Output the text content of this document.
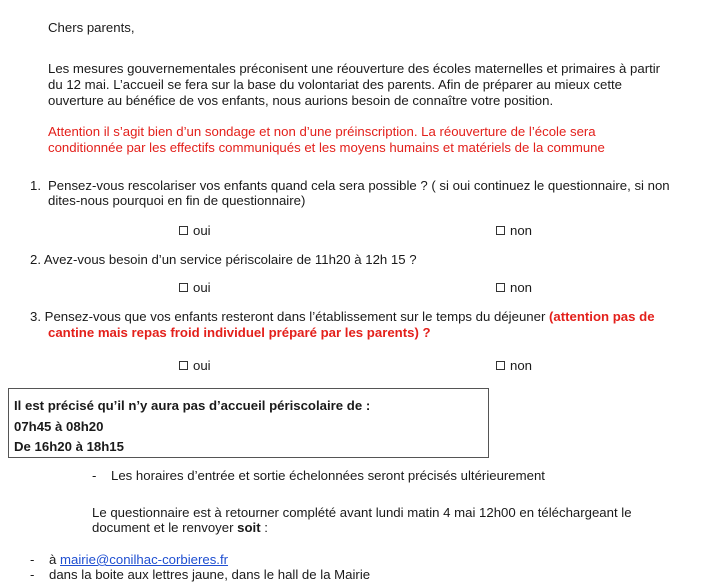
Chers parents,
Les mesures gouvernementales préconisent une réouverture des écoles maternelles et primaires à partir
du 12 mai. L’accueil se fera sur la base du volontariat des parents. Afin de préparer au mieux cette
ouverture au bénéfice de vos enfants, nous aurions besoin de connaître votre position.
Attention il s’agit bien d’un sondage et non d’une préinscription. La réouverture de l’école sera
conditionnée par les effectifs communiqués et les moyens humains et matériels de la commune
1. Pensez-vous rescolariser vos enfants quand cela sera possible ? ( si oui continuez le questionnaire, si non
dites-nous pourquoi en fin de questionnaire)
oui	non
2. Avez-vous besoin d’un service périscolaire de 11h20 à 12h 15 ?
oui	non
3. Pensez-vous que vos enfants resteront dans l’établissement sur le temps du déjeuner (attention pas de
cantine mais repas froid individuel préparé par les parents) ?
oui	non
Il est précisé qu’il n’y aura pas d’accueil périscolaire de :
07h45 à 08h20
De 16h20 à 18h15
- Les horaires d’entrée et sortie échelonnées seront précisés ultérieurement
Le questionnaire est à retourner complété avant lundi matin 4 mai 12h00 en téléchargeant le
document et le renvoyer soit :
- à mairie@conilhac-corbieres.fr
- dans la boite aux lettres jaune, dans le hall de la Mairie
